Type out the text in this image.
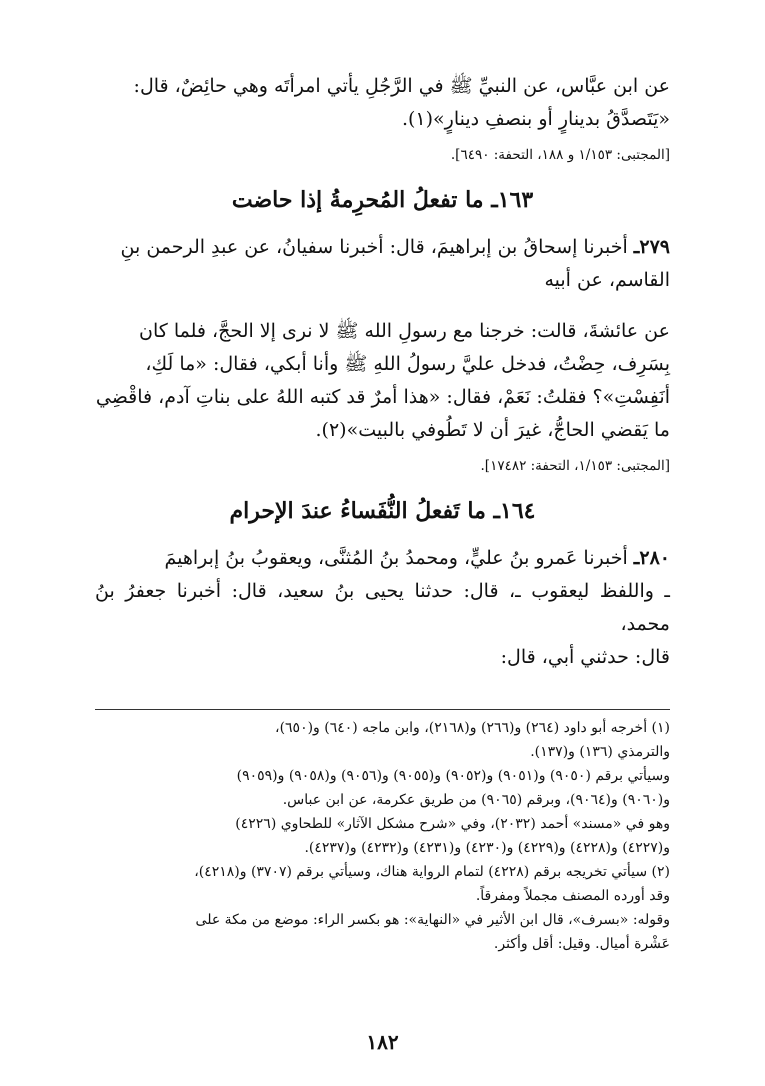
عن ابن عبَّاس، عن النبيِّ ﷺ في الرَّجُلِ يأتي امرأتَه وهي حائِضٌ، قال:

«يَتَصدَّقُ بدينارٍ أو بنصفِ دينارٍ»(١).

[المجتبى: ١/١٥٣ و ١٨٨، التحفة: ٦٤٩٠].

١٦٣ـ ما تفعلُ المُحرِمةُ إذا حاضت

٢٧٩ـ أخبرنا إسحاقُ بن إبراهيمَ، قال: أخبرنا سفيانُ، عن عبدِ الرحمن بنِ

القاسم، عن أبيه

عن عائشةَ، قالت: خرجنا مع رسولِ الله ﷺ لا نرى إلا الحجَّ، فلما كان

بِسَرِف، حِضْتُ، فدخل عليَّ رسولُ اللهِ ﷺ وأنا أبكي، فقال: «ما لَكِ،

أنَفِسْتِ»؟ فقلتُ: نَعَمْ، فقال: «هذا أمرٌ قد كتبه اللهُ على بناتِ آدم، فاقْضِي

ما يَقضي الحاجُّ، غيرَ أن لا تَطُوفي بالبيت»(٢).

[المجتبى: ١/١٥٣، التحفة: ١٧٤٨٢].

١٦٤ـ ما تَفعلُ النُّفَساءُ عندَ الإحرام

٢٨٠ـ أخبرنا عَمرو بنُ عليٍّ، ومحمدُ بنُ المُثنَّى، ويعقوبُ بنُ إبراهيمَ

ـ واللفظ ليعقوب ـ، قال: حدثنا يحيى بنُ سعيد، قال: أخبرنا جعفرُ بنُ محمد،

قال: حدثني أبي، قال:

(١) أخرجه أبو داود (٢٦٤) و(٢٦٦) و(٢١٦٨)، وابن ماجه (٦٤٠) و(٦٥٠)،

والترمذي (١٣٦) و(١٣٧).

وسيأتي برقم (٩٠٥٠) و(٩٠٥١) و(٩٠٥٢) و(٩٠٥٥) و(٩٠٥٦) و(٩٠٥٨) و(٩٠٥٩)

و(٩٠٦٠) و(٩٠٦٤)، وبرقم (٩٠٦٥) من طريق عكرمة، عن ابن عباس.

وهو في «مسند» أحمد (٢٠٣٢)، وفي «شرح مشكل الآثار» للطحاوي (٤٢٢٦)

و(٤٢٢٧) و(٤٢٢٨) و(٤٢٢٩) و(٤٢٣٠) و(٤٢٣١) و(٤٢٣٢) و(٤٢٣٧).

(٢) سيأتي تخريجه برقم (٤٢٢٨) لتمام الرواية هناك، وسيأتي برقم (٣٧٠٧) و(٤٢١٨)،

وقد أورده المصنف مجملاً ومفرقاً.

وقوله: «بسرف»، قال ابن الأثير في «النهاية»: هو بكسر الراء: موضع من مكة على

عَشْرة أميال. وقيل: أقل وأكثر.

١٨٢
